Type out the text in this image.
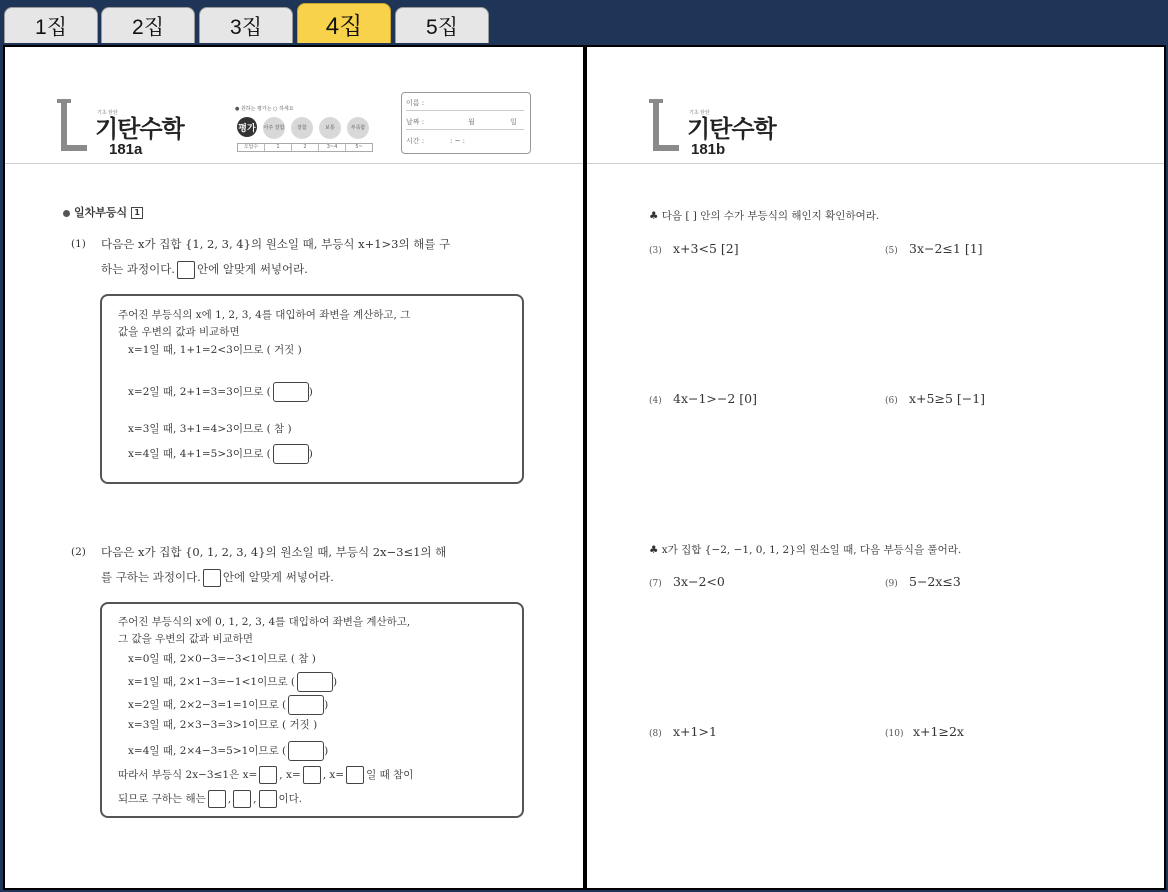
1집	2집	3집	4집	5집
기초 탄탄
기탄수학
181a
● 원하는 평가는 ○ 하세요
평가 아주 잘함	잘함	보통	부족함
오답수	1	2	3~4	5~
이름 :
날짜 :	월	일
시간 :	: ~ :
일차부등식 1
(1) 다음은 x가 집합 {1, 2, 3, 4}의 원소일 때, 부등식 x+1>3의 해를 구
하는 과정이다. 안에 알맞게 써넣어라.
주어진 부등식의 x에 1, 2, 3, 4를 대입하여 좌변을 계산하고, 그
값을 우변의 값과 비교하면
x=1일 때, 1+1=2<3이므로 ( 거짓 )
x=2일 때, 2+1=3=3이므로 (	)
x=3일 때, 3+1=4>3이므로 ( 참 )
x=4일 때, 4+1=5>3이므로 (	)
(2) 다음은 x가 집합 {0, 1, 2, 3, 4}의 원소일 때, 부등식 2x−3≤1의 해
를 구하는 과정이다. 안에 알맞게 써넣어라.
주어진 부등식의 x에 0, 1, 2, 3, 4를 대입하여 좌변을 계산하고,
그 값을 우변의 값과 비교하면
x=0일 때, 2×0−3=−3<1이므로 ( 참 )
x=1일 때, 2×1−3=−1<1이므로 (	)
x=2일 때, 2×2−3=1=1이므로 (	)
x=3일 때, 2×3−3=3>1이므로 ( 거짓 )
x=4일 때, 2×4−3=5>1이므로 (	)
따라서 부등식 2x−3≤1은 x= , x= , x= 일 때 참이
되므로 구하는 해는 , , 이다.
기초 탄탄
기탄수학
181b
♣ 다음 [ ] 안의 수가 부등식의 해인지 확인하여라.
(3) x+3<5 [2]	(5) 3x−2≤1 [1]
(4) 4x−1>−2 [0]	(6) x+5≥5 [−1]
♣ x가 집합 {−2, −1, 0, 1, 2}의 원소일 때, 다음 부등식을 풀어라.
(7) 3x−2<0	(9) 5−2x≤3
(8) x+1>1	(10) x+1≥2x
